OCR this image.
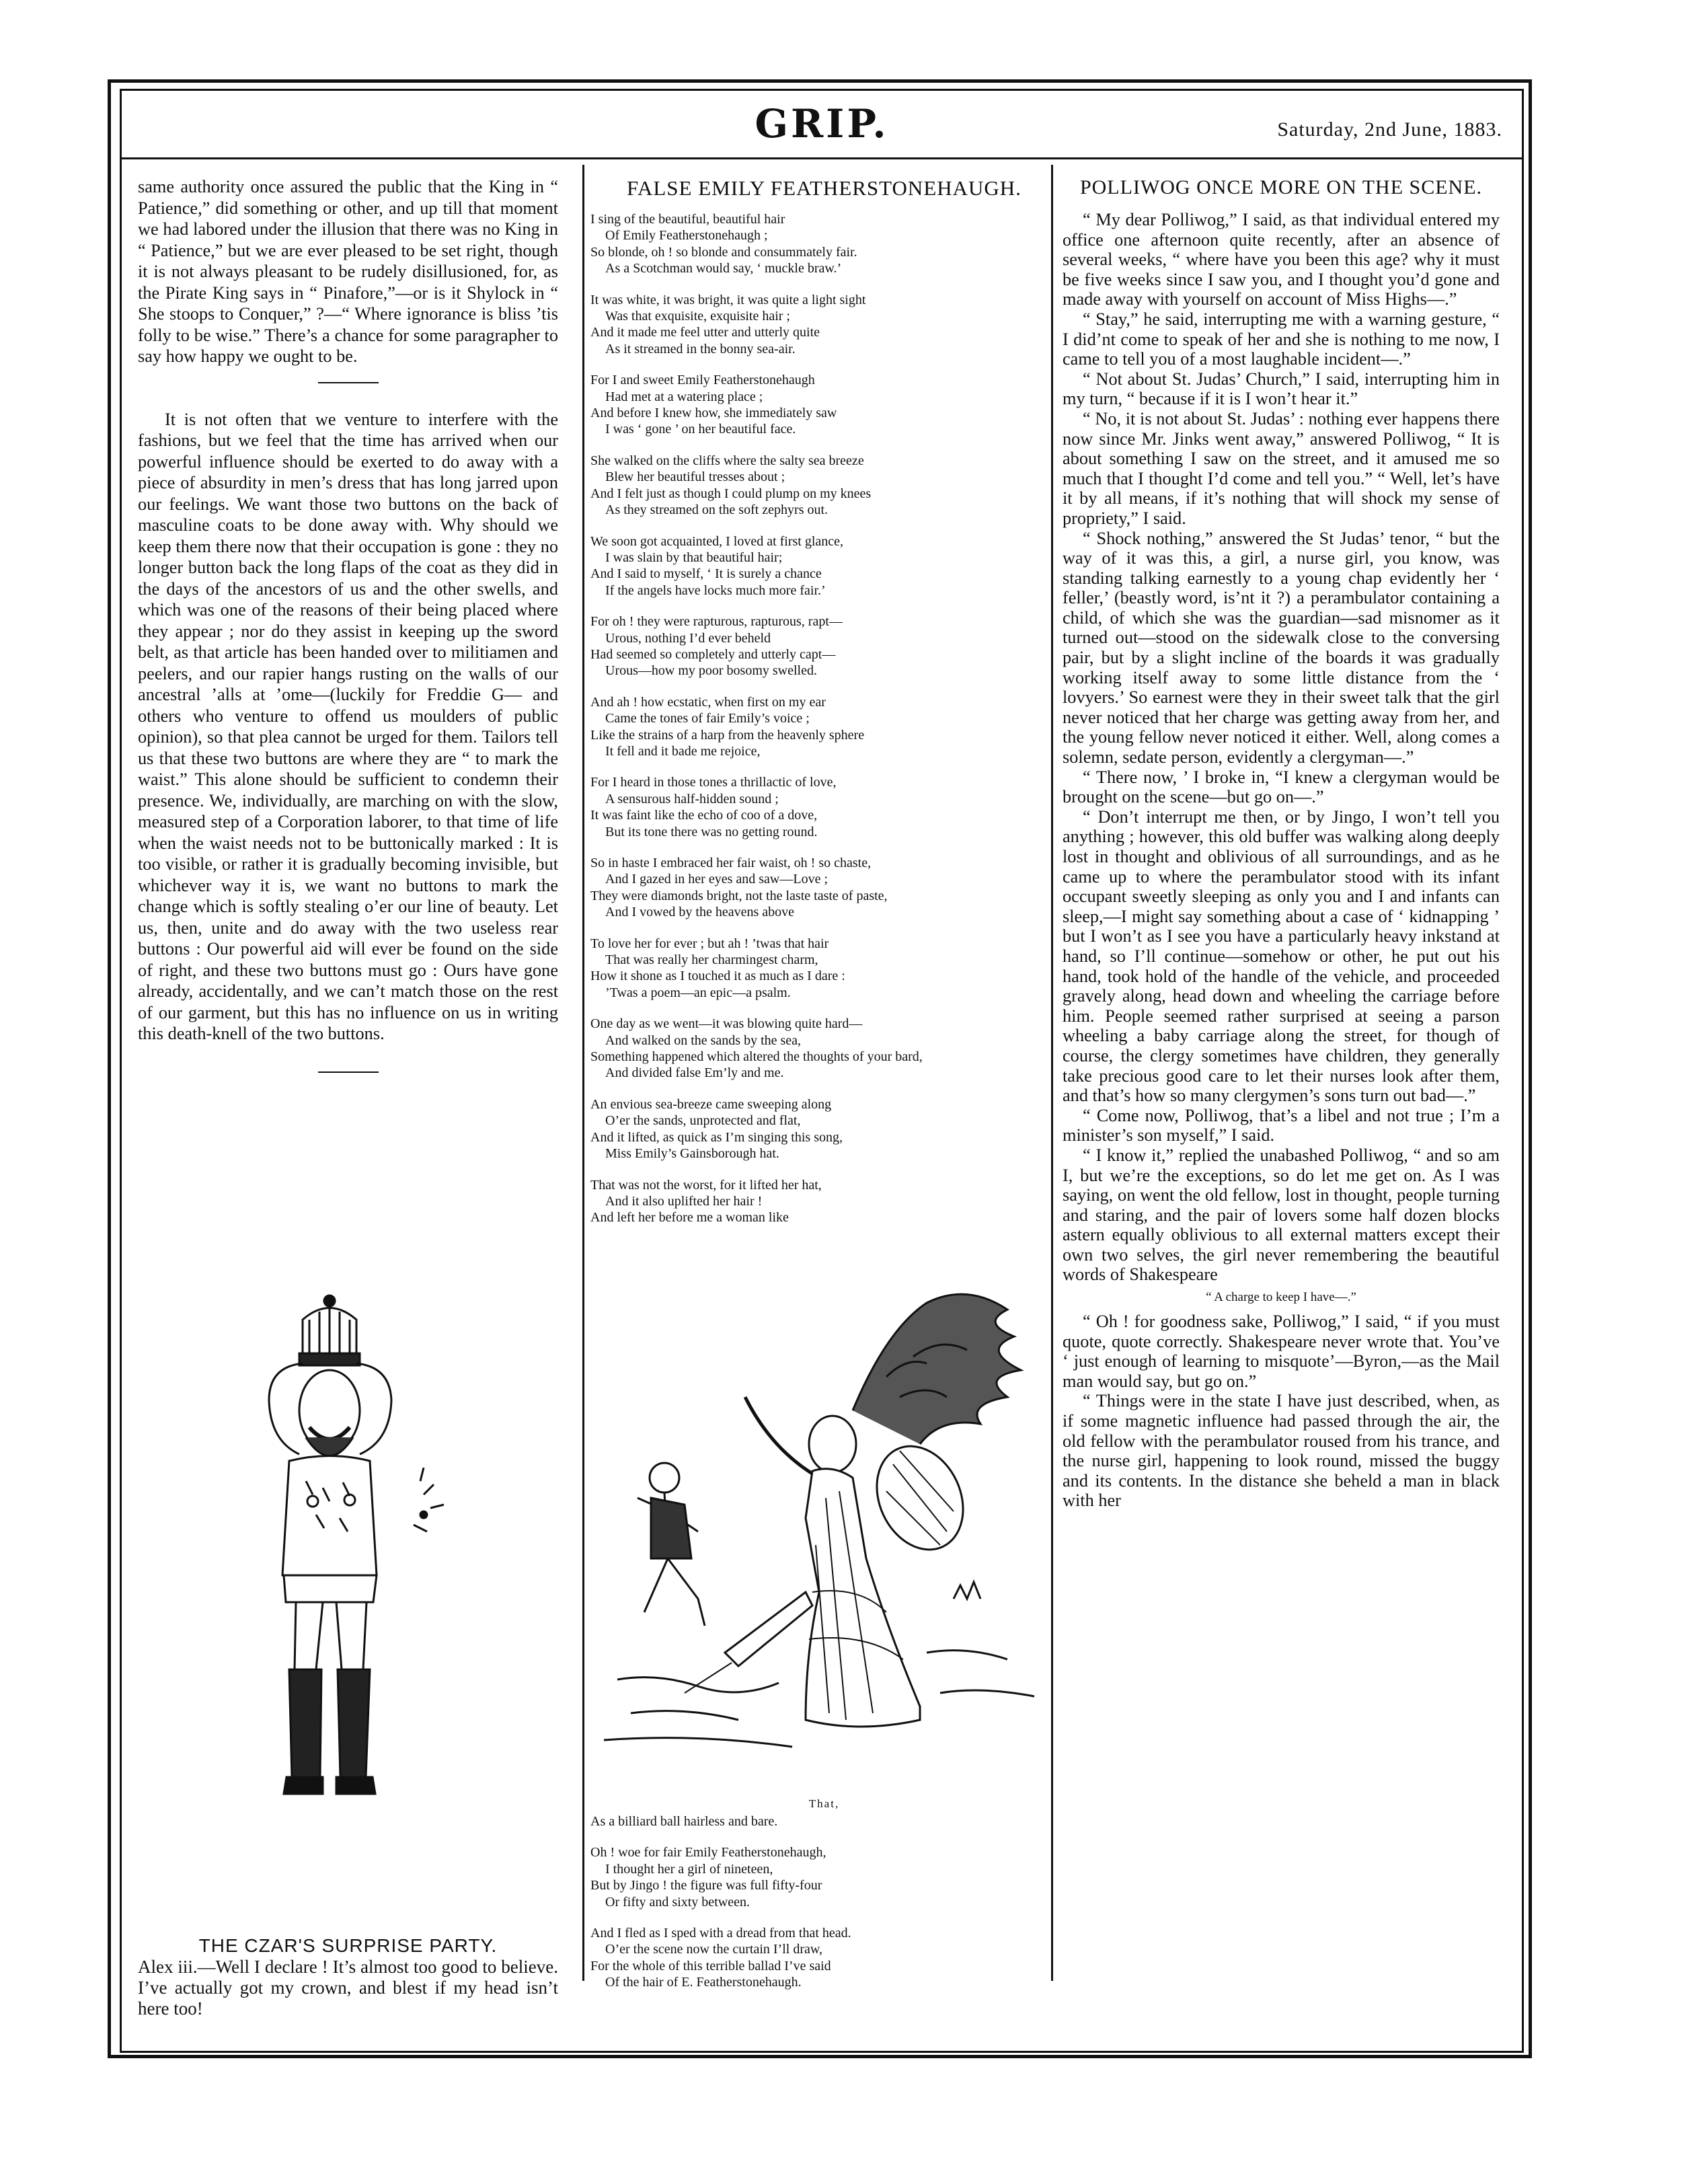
GRIP.	Saturday, 2nd June, 1883.

same authority once assured the public that the King in “ Patience,” did something or other, and up till that moment we had labored under the illusion that there was no King in “ Patience,” but we are ever pleased to be set right, though it is not always pleasant to be rudely disillusioned, for, as the Pirate King says in “ Pinafore,”—or is it Shylock in “ She stoops to Conquer,” ?—“ Where ignorance is bliss ’tis folly to be wise.” There’s a chance for some paragrapher to say how happy we ought to be.

It is not often that we venture to interfere with the fashions, but we feel that the time has arrived when our powerful influence should be exerted to do away with a piece of absurdity in men’s dress that has long jarred upon our feelings. We want those two buttons on the back of masculine coats to be done away with. Why should we keep them there now that their occupation is gone : they no longer button back the long flaps of the coat as they did in the days of the ancestors of us and the other swells, and which was one of the reasons of their being placed where they appear ; nor do they assist in keeping up the sword belt, as that article has been handed over to militiamen and peelers, and our rapier hangs rusting on the walls of our ancestral ’alls at ’ome—(luckily for Freddie G— and others who venture to offend us moulders of public opinion), so that plea cannot be urged for them. Tailors tell us that these two buttons are where they are “ to mark the waist.” This alone should be sufficient to condemn their presence. We, individually, are marching on with the slow, measured step of a Corporation laborer, to that time of life when the waist needs not to be buttonically marked : It is too visible, or rather it is gradually becoming invisible, but whichever way it is, we want no buttons to mark the change which is softly stealing o’er our line of beauty. Let us, then, unite and do away with the two useless rear buttons : Our powerful aid will ever be found on the side of right, and these two buttons must go : Ours have gone already, accidentally, and we can’t match those on the rest of our garment, but this has no influence on us in writing this death-knell of the two buttons.

THE CZAR'S SURPRISE PARTY.

Alex iii.—Well I declare ! It’s almost too good to believe. I’ve actually got my crown, and blest if my head isn’t here too!

FALSE EMILY FEATHERSTONEHAUGH.
I sing of the beautiful, beautiful hair
Of Emily Featherstonehaugh ;
So blonde, oh ! so blonde and consummately fair.
As a Scotchman would say, ‘ muckle braw.’
It was white, it was bright, it was quite a light sight
Was that exquisite, exquisite hair ;
And it made me feel utter and utterly quite
As it streamed in the bonny sea-air.
For I and sweet Emily Featherstonehaugh
Had met at a watering place ;
And before I knew how, she immediately saw
I was ‘ gone ’ on her beautiful face.
She walked on the cliffs where the salty sea breeze
Blew her beautiful tresses about ;
And I felt just as though I could plump on my knees
As they streamed on the soft zephyrs out.
We soon got acquainted, I loved at first glance,
I was slain by that beautiful hair;
And I said to myself, ‘ It is surely a chance
If the angels have locks much more fair.’
For oh ! they were rapturous, rapturous, rapt—
Urous, nothing I’d ever beheld
Had seemed so completely and utterly capt—
Urous—how my poor bosomy swelled.
And ah ! how ecstatic, when first on my ear
Came the tones of fair Emily’s voice ;
Like the strains of a harp from the heavenly sphere
It fell and it bade me rejoice,
For I heard in those tones a thrillactic of love,
A sensurous half-hidden sound ;
It was faint like the echo of coo of a dove,
But its tone there was no getting round.
So in haste I embraced her fair waist, oh ! so chaste,
And I gazed in her eyes and saw—Love ;
They were diamonds bright, not the laste taste of paste,
And I vowed by the heavens above
To love her for ever ; but ah ! ’twas that hair
That was really her charmingest charm,
How it shone as I touched it as much as I dare :
’Twas a poem—an epic—a psalm.
One day as we went—it was blowing quite hard—
And walked on the sands by the sea,
Something happened which altered the thoughts of your bard,
And divided false Em’ly and me.
An envious sea-breeze came sweeping along
O’er the sands, unprotected and flat,
And it lifted, as quick as I’m singing this song,
Miss Emily’s Gainsborough hat.
That was not the worst, for it lifted her hat,
And it also uplifted her hair !
And left her before me a woman like
That,
As a billiard ball hairless and bare.
Oh ! woe for fair Emily Featherstonehaugh,
I thought her a girl of nineteen,
But by Jingo ! the figure was full fifty-four
Or fifty and sixty between.
And I fled as I sped with a dread from that head.
O’er the scene now the curtain I’ll draw,
For the whole of this terrible ballad I’ve said
Of the hair of E. Featherstonehaugh.
POLLIWOG ONCE MORE ON THE SCENE.

“ My dear Polliwog,” I said, as that individual entered my office one afternoon quite recently, after an absence of several weeks, “ where have you been this age? why it must be five weeks since I saw you, and I thought you’d gone and made away with yourself on account of Miss Highs—.”

“ Stay,” he said, interrupting me with a warning gesture, “ I did’nt come to speak of her and she is nothing to me now, I came to tell you of a most laughable incident—.”

“ Not about St. Judas’ Church,” I said, interrupting him in my turn, “ because if it is I won’t hear it.”

“ No, it is not about St. Judas’ : nothing ever happens there now since Mr. Jinks went away,” answered Polliwog, “ It is about something I saw on the street, and it amused me so much that I thought I’d come and tell you.” “ Well, let’s have it by all means, if it’s nothing that will shock my sense of propriety,” I said.

“ Shock nothing,” answered the St Judas’ tenor, “ but the way of it was this, a girl, a nurse girl, you know, was standing talking earnestly to a young chap evidently her ‘ feller,’ (beastly word, is’nt it ?) a perambulator containing a child, of which she was the guardian—sad misnomer as it turned out—stood on the sidewalk close to the conversing pair, but by a slight incline of the boards it was gradually working itself away to some little distance from the ‘ lovyers.’ So earnest were they in their sweet talk that the girl never noticed that her charge was getting away from her, and the young fellow never noticed it either. Well, along comes a solemn, sedate person, evidently a clergyman—.”

“ There now, ’ I broke in, “I knew a clergyman would be brought on the scene—but go on—.”

“ Don’t interrupt me then, or by Jingo, I won’t tell you anything ; however, this old buffer was walking along deeply lost in thought and oblivious of all surroundings, and as he came up to where the perambulator stood with its infant occupant sweetly sleeping as only you and I and infants can sleep,—I might say something about a case of ‘ kidnapping ’ but I won’t as I see you have a particularly heavy inkstand at hand, so I’ll continue—somehow or other, he put out his hand, took hold of the handle of the vehicle, and proceeded gravely along, head down and wheeling the carriage before him. People seemed rather surprised at seeing a parson wheeling a baby carriage along the street, for though of course, the clergy sometimes have children, they generally take precious good care to let their nurses look after them, and that’s how so many clergymen’s sons turn out bad—.”

“ Come now, Polliwog, that’s a libel and not true ; I’m a minister’s son myself,” I said.

“ I know it,” replied the unabashed Polliwog, “ and so am I, but we’re the exceptions, so do let me get on. As I was saying, on went the old fellow, lost in thought, people turning and staring, and the pair of lovers some half dozen blocks astern equally oblivious to all external matters except their own two selves, the girl never remembering the beautiful words of Shakespeare

“ A charge to keep I have—.”

“ Oh ! for goodness sake, Polliwog,” I said, “ if you must quote, quote correctly. Shakespeare never wrote that. You’ve ‘ just enough of learning to misquote’—Byron,—as the Mail man would say, but go on.”

“ Things were in the state I have just described, when, as if some magnetic influence had passed through the air, the old fellow with the perambulator roused from his trance, and the nurse girl, happening to look round, missed the buggy and its contents. In the distance she beheld a man in black with her
